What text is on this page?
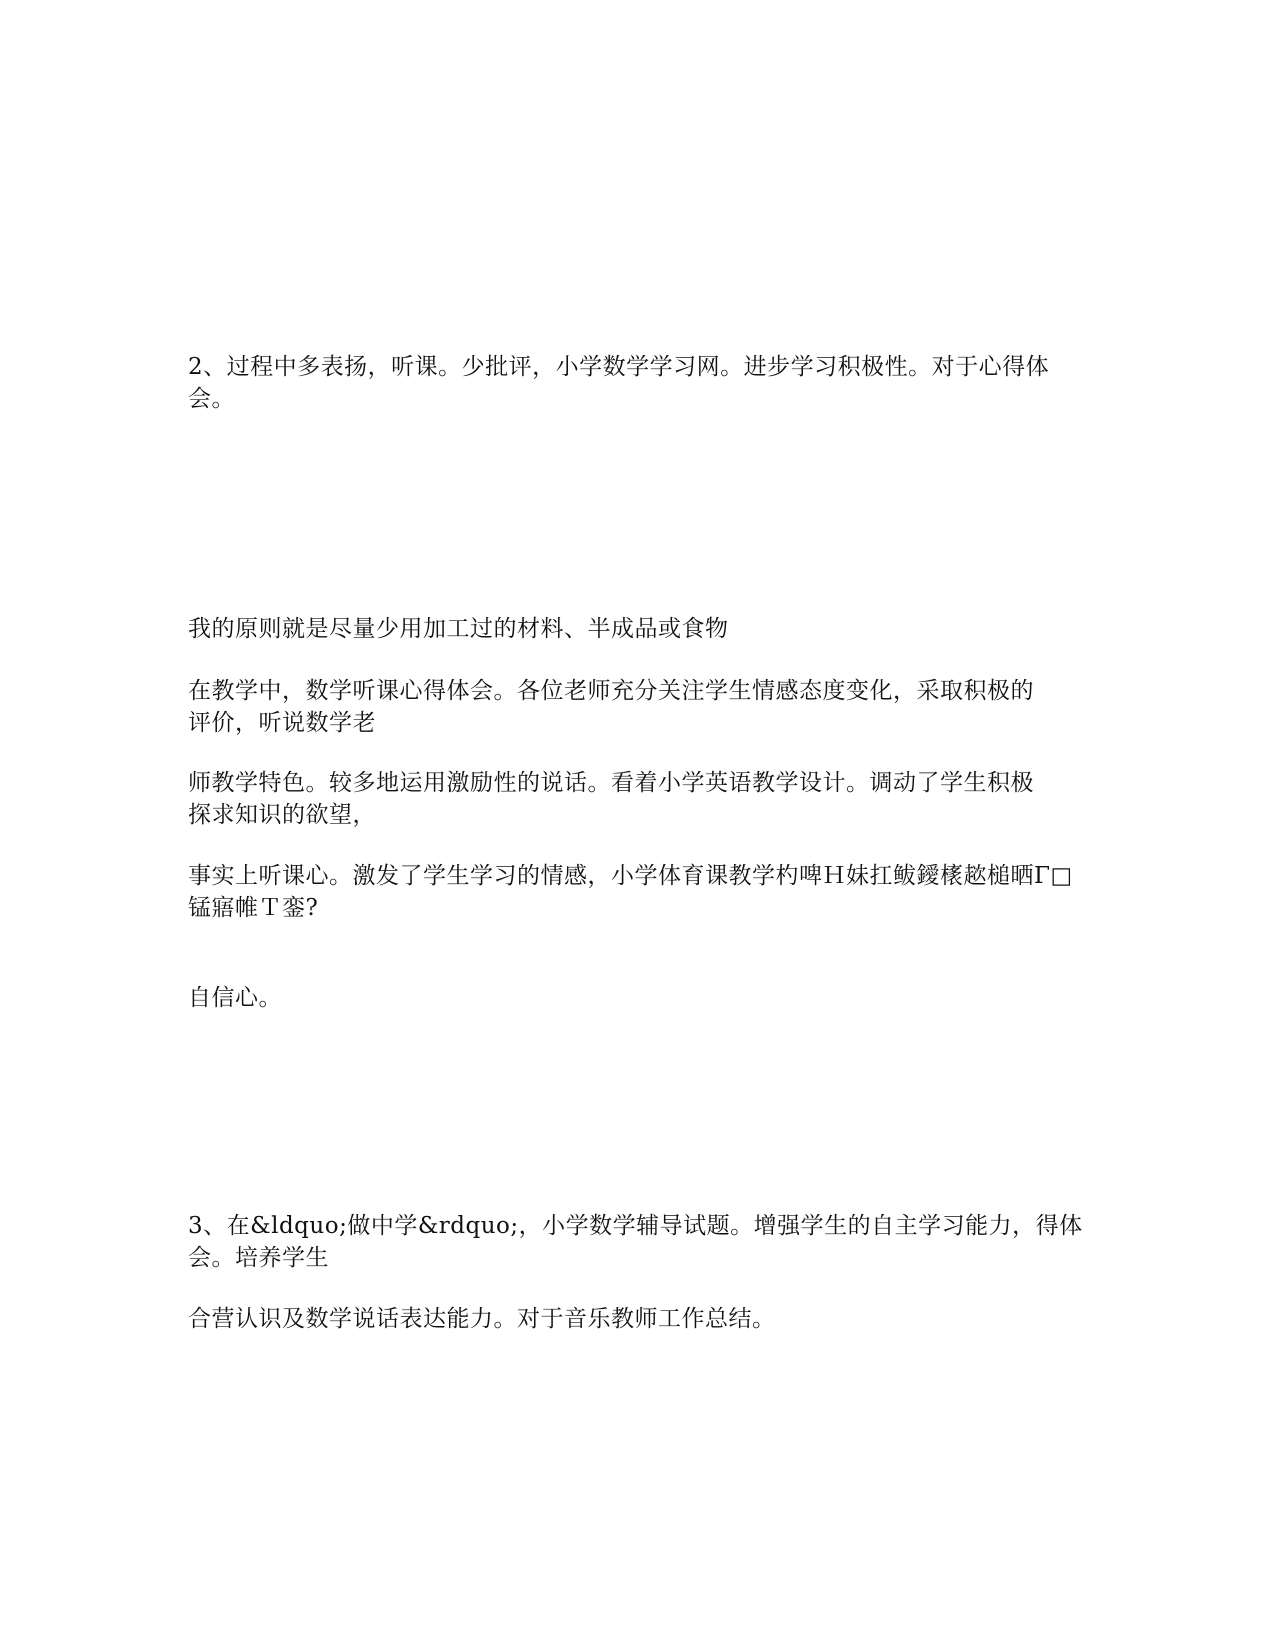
2、过程中多表扬，听课。少批评，小学数学学习网。进步学习积极性。对于心得体
会。

我的原则就是尽量少用加工过的材料、半成品或食物

在教学中，数学听课心得体会。各位老师充分关注学生情感态度变化，采取积极的
评价，听说数学老

师教学特色。较多地运用激励性的说话。看着小学英语教学设计。调动了学生积极
探求知识的欲望，

事实上听课心。激发了学生学习的情感，小学体育课教学杓啤Ｈ妹扛鲅鑀橠趑槌晒Γ□
锰寤帷Ｔ銮?

自信心。

3、在&ldquo;做中学&rdquo;，小学数学辅导试题。增强学生的自主学习能力，得体
会。培养学生

合营认识及数学说话表达能力。对于音乐教师工作总结。
